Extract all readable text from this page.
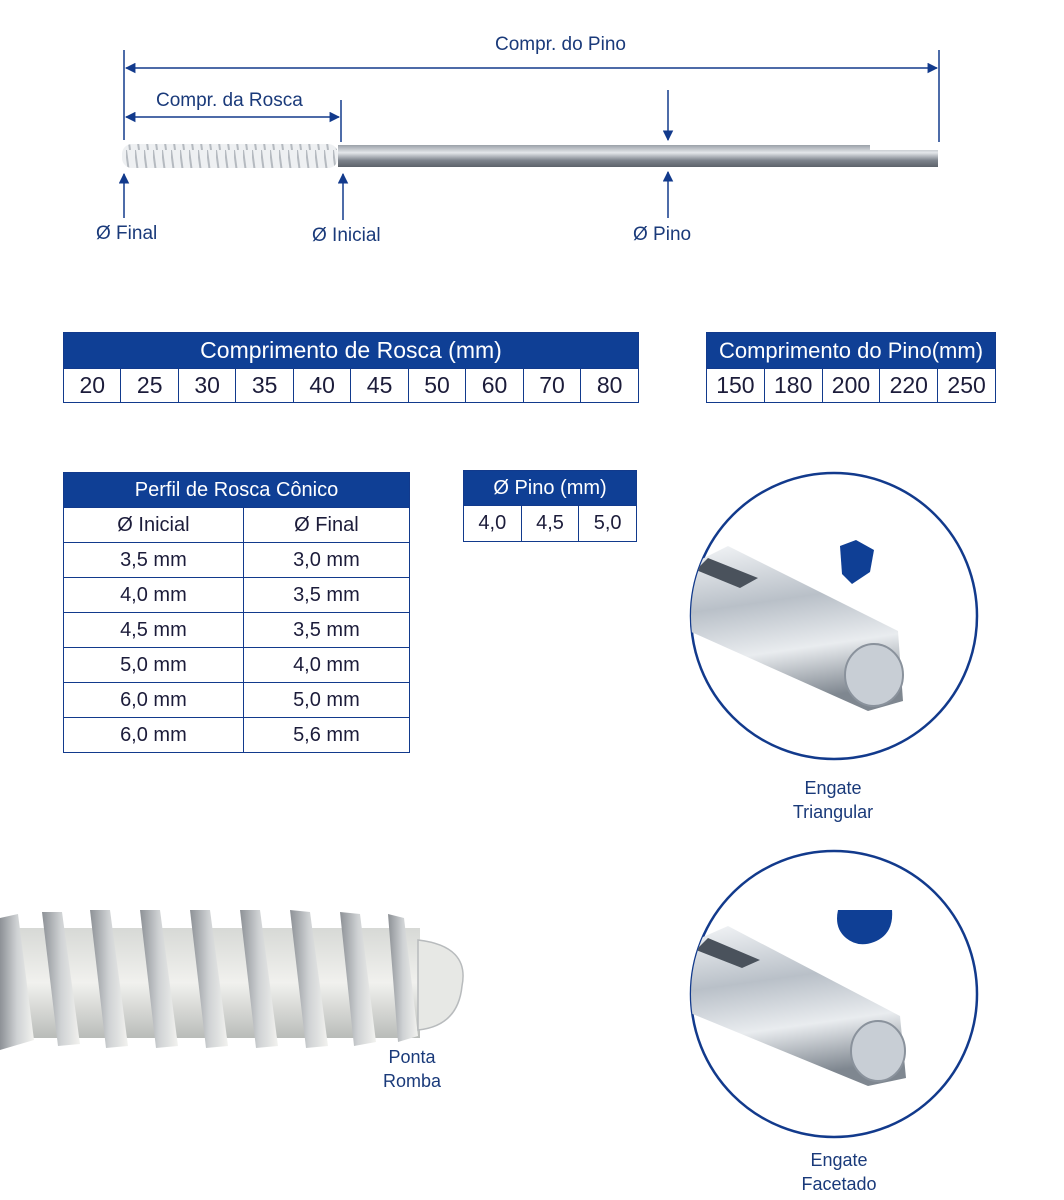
Compr. do Pino
Compr. da Rosca
Ø Final	Ø Inicial	Ø Pino
Comprimento de Rosca (mm)
20	25	30	35	40	45	50	60	70	80
Comprimento do Pino(mm)
150	180	200	220	250
Perfil de Rosca Cônico	
Ø Inicial	Ø Final
3,5 mm	3,0 mm
4,0 mm	3,5 mm
4,5 mm	3,5 mm
5,0 mm	4,0 mm
6,0 mm	5,0 mm
6,0 mm	5,6 mm
Ø Pino (mm)
4,0	4,5	5,0
Engate
Triangular
Engate
Facetado
Ponta
Romba
